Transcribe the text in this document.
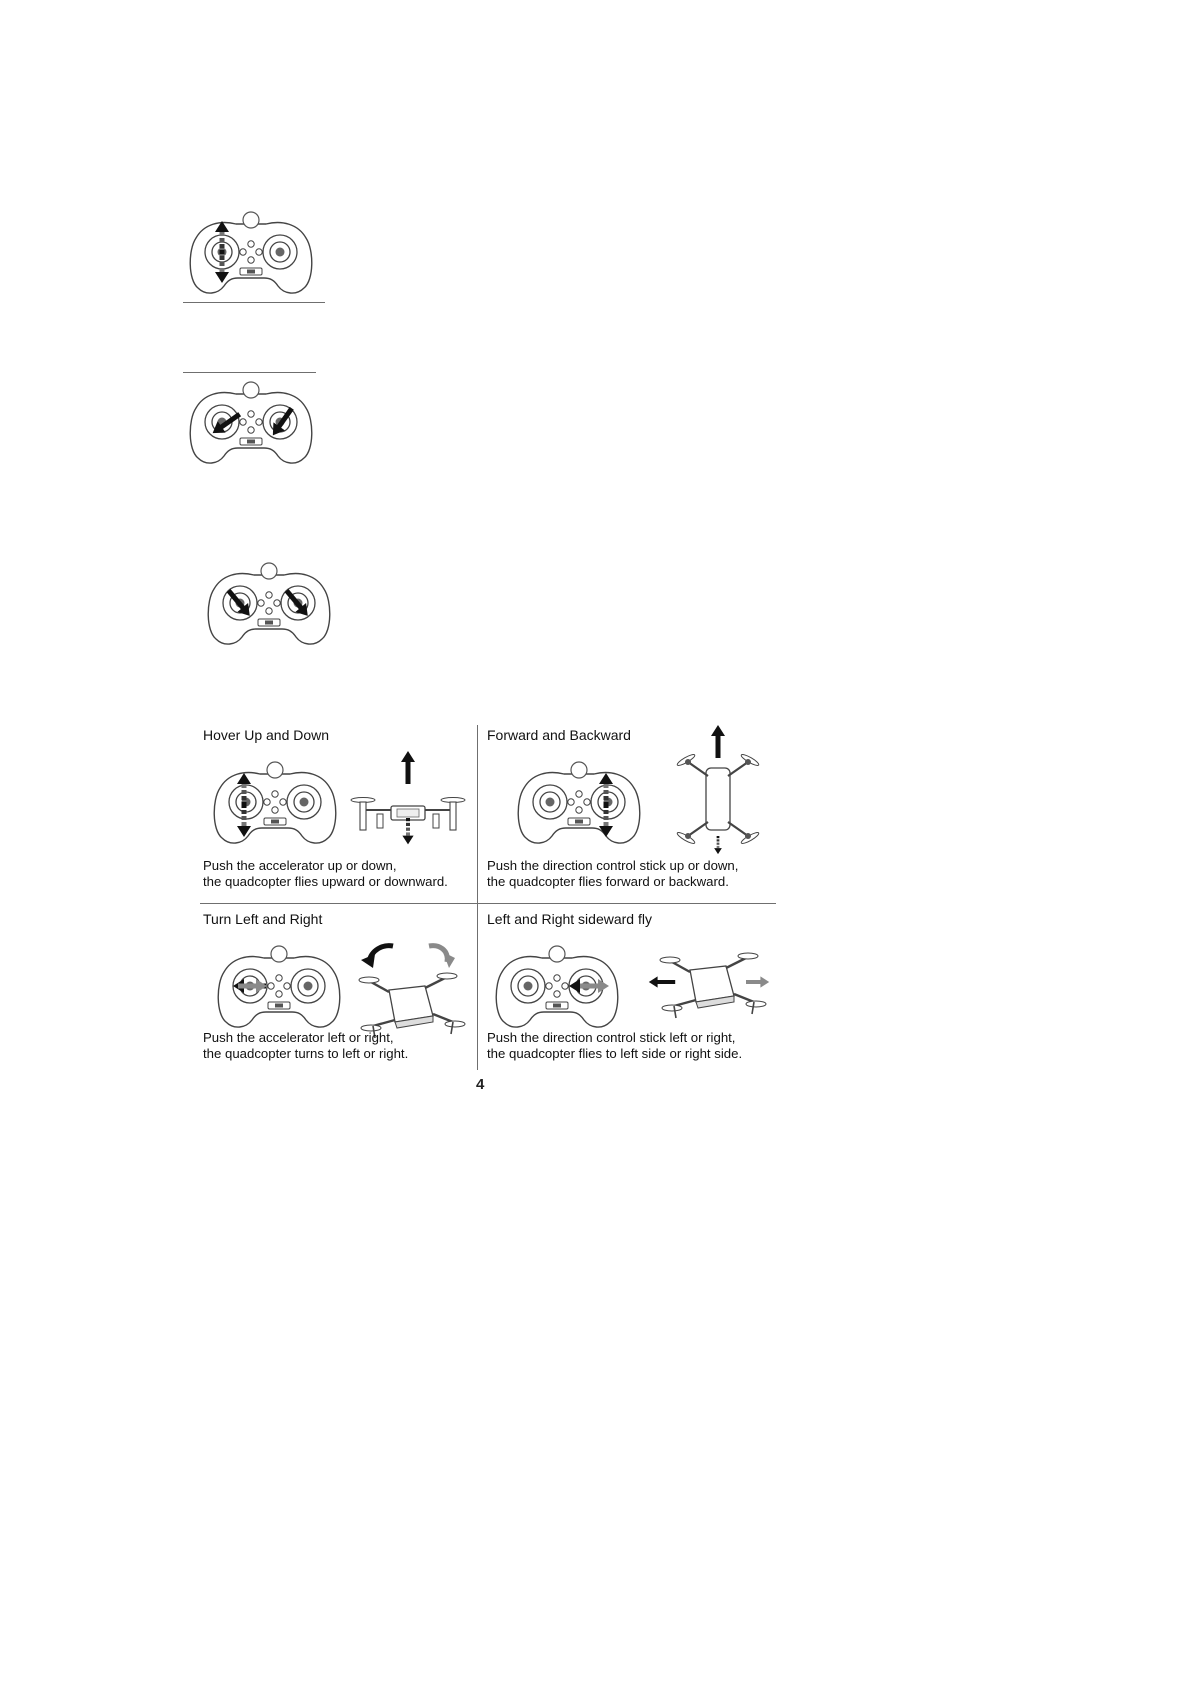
Hover Up and Down
Push the accelerator up or down,
the quadcopter flies upward or downward.
Forward and Backward
Push the direction control stick up or down,
the quadcopter flies forward or backward.
Turn Left and Right
Push the accelerator left or right,
the quadcopter turns to left or right.
Left and Right sideward fly
Push the direction control stick left or right,
the quadcopter flies to left side or right side.
4
